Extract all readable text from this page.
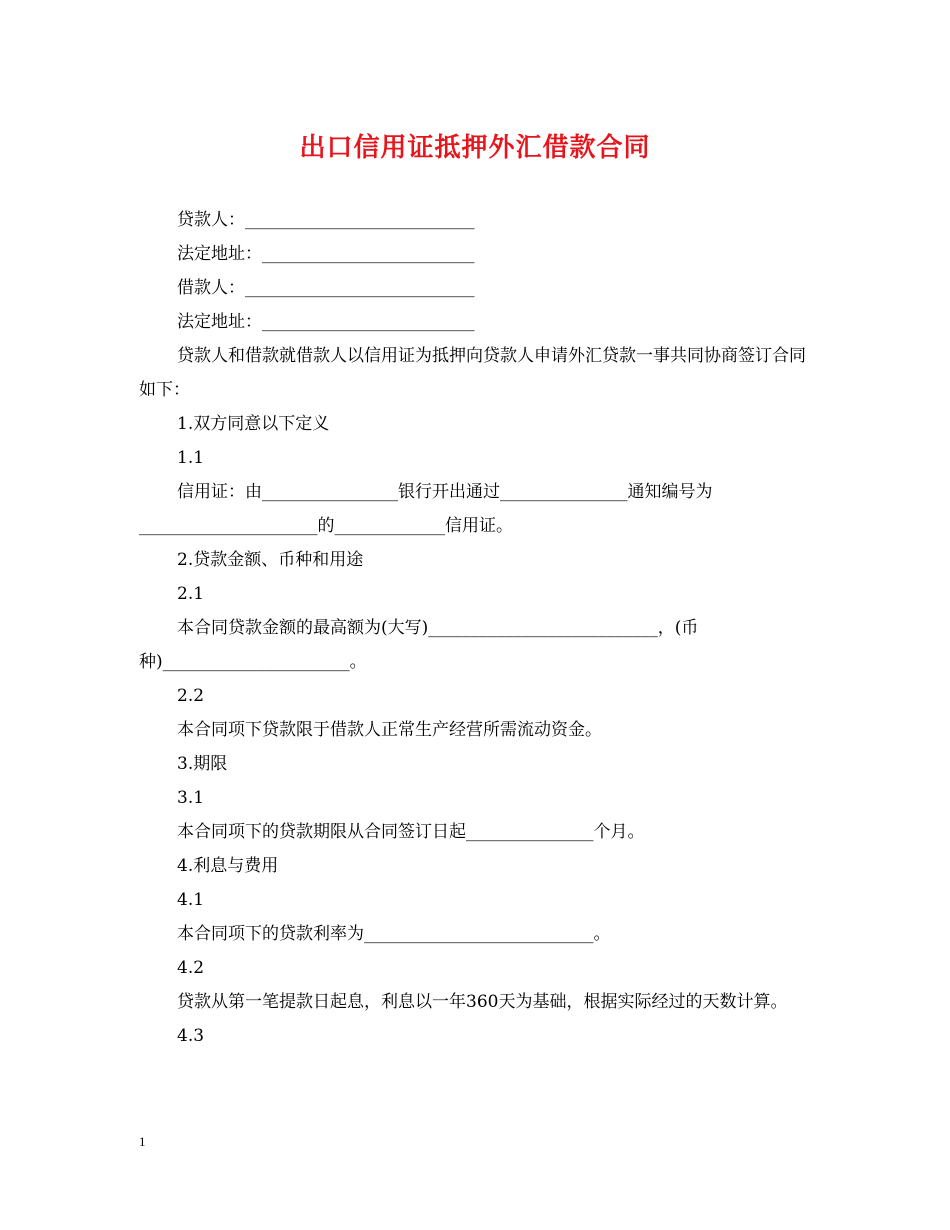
出口信用证抵押外汇借款合同
贷款人：___________________________
法定地址：_________________________
借款人：___________________________
法定地址：_________________________
贷款人和借款就借款人以信用证为抵押向贷款人申请外汇贷款一事共同协商签订合同如下：
1.双方同意以下定义
1.1
信用证：由________________银行开出通过_______________通知编号为_____________________的_____________信用证。
2.贷款金额、币种和用途
2.1
本合同贷款金额的最高额为(大写)___________________________，(币种)______________________。
2.2
本合同项下贷款限于借款人正常生产经营所需流动资金。
3.期限
3.1
本合同项下的贷款期限从合同签订日起_______________个月。
4.利息与费用
4.1
本合同项下的贷款利率为___________________________。
4.2
贷款从第一笔提款日起息，利息以一年360天为基础，根据实际经过的天数计算。
4.3
1
